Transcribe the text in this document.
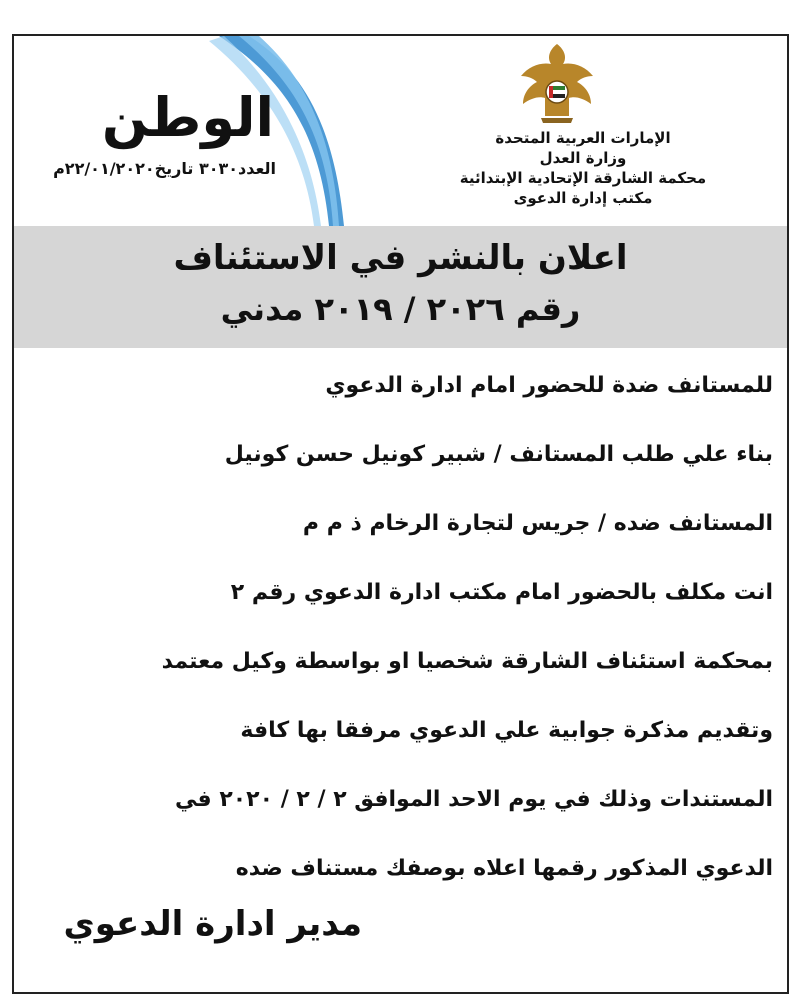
الوطن
العدد٣٠٣٠ تاريخ٢٢/٠١/٢٠٢٠م
الإمارات العربية المتحدة
وزارة العدل
محكمة الشارقة الإتحادية الإبتدائية
مكتب إدارة الدعوى
اعلان بالنشر في الاستئناف
رقم ٢٠٢٦ / ٢٠١٩ مدني

للمستانف ضدة للحضور امام ادارة الدعوي

بناء علي طلب المستانف / شبير كونيل حسن كونيل

المستانف ضده / جريس لتجارة الرخام ذ م م

انت مكلف بالحضور امام مكتب ادارة الدعوي رقم ٢

بمحكمة استئناف الشارقة شخصيا او بواسطة وكيل معتمد

وتقديم مذكرة جوابية علي الدعوي مرفقا بها كافة

المستندات وذلك في يوم الاحد الموافق ٢ / ٢ / ٢٠٢٠ في

الدعوي المذكور رقمها اعلاه بوصفك مستناف ضده

مدير ادارة الدعوي
